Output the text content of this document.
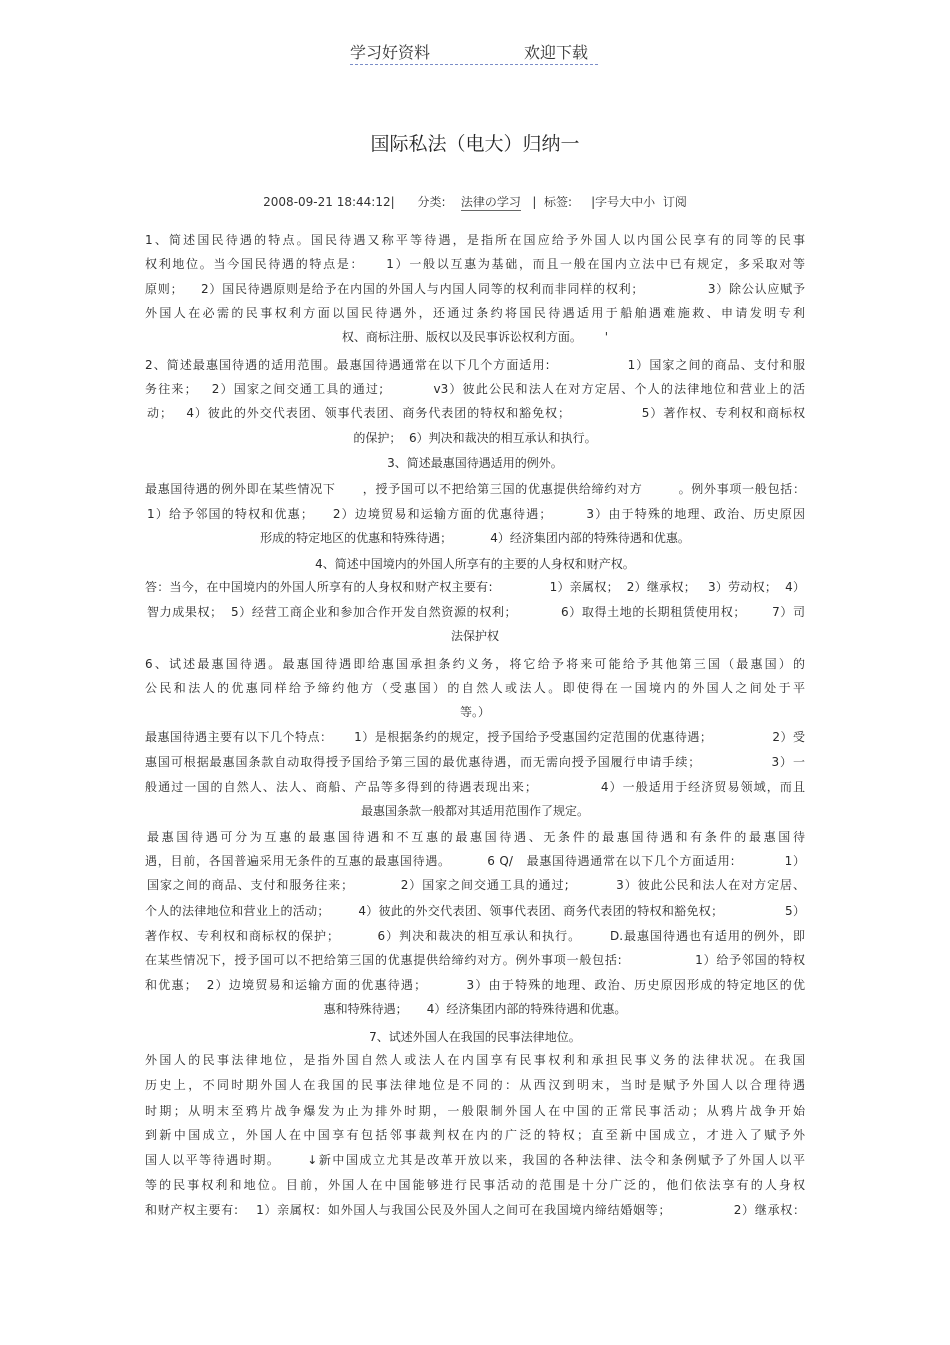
学习好资料	欢迎下载
国际私法（电大）归纳一
2008-09-21 18:44:12| 分类: 法律の学习 | 标签: |字号大中小 订阅
1、简述国民待遇的特点。国民待遇又称平等待遇，是指所在国应给予外国人以内国公民享有的同等的民事
权利地位。当今国民待遇的特点是：    1）一般以互惠为基础，而且一般在国内立法中已有规定，多采取对等
原则；    2）国民待遇原则是给予在内国的外国人与内国人同等的权利而非同样的权利；              3）除公认应赋予
外国人在必需的民事权利方面以国民待遇外，还通过条约将国民待遇适用于船舶遇难施救、申请发明专利
权、商标注册、版权以及民事诉讼权利方面。      '
2、简述最惠国待遇的适用范围。最惠国待遇通常在以下几个方面适用:                1）国家之间的商品、支付和服
务往来；   2）国家之间交通工具的通过;          v3）彼此公民和法人在对方定居、个人的法律地位和营业上的活
动；   4）彼此的外交代表团、领事代表团、商务代表团的特权和豁免权；               5）著作权、专利权和商标权
的保护；  6）判决和裁决的相互承认和执行。
3、简述最惠国待遇适用的例外。
最惠国待遇的例外即在某些情况下      ，授予国可以不把给第三国的优惠提供给缔约对方        。例外事项一般包括：
1）给予邻国的特权和优惠；    2）边境贸易和运输方面的优惠待遇；       3）由于特殊的地理、政治、历史原因
形成的特定地区的优惠和特殊待遇；          4）经济集团内部的特殊待遇和优惠。
4、简述中国境内的外国人所享有的主要的人身权和财产权。
答：当今，在中国境内的外国人所享有的人身权和财产权主要有:              1）亲属权；  2）继承权；   3）劳动权；  4）
智力成果权；  5）经营工商企业和参加合作开发自然资源的权利；          6）取得土地的长期租赁使用权；      7）司
法保护权
6、试述最惠国待遇。最惠国待遇即给惠国承担条约义务，将它给予将来可能给予其他第三国（最惠国）的
公民和法人的优惠同样给予缔约他方（受惠国）的自然人或法人。即使得在一国境内的外国人之间处于平
等。）
最惠国待遇主要有以下几个特点：     1）是根据条约的规定，授予国给予受惠国约定范围的优惠待遇；              2）受
惠国可根据最惠国条款自动取得授予国给予第三国的最优惠待遇，而无需向授予国履行申请手续；               3）一
般通过一国的自然人、法人、商船、产品等多得到的待遇表现出来；             4）一般适用于经济贸易领域，而且
最惠国条款一般都对其适用范围作了规定。
最惠国待遇可分为互惠的最惠国待遇和不互惠的最惠国待遇、无条件的最惠国待遇和有条件的最惠国待
遇，目前，各国普遍采用无条件的互惠的最惠国待遇。        6 Q/   最惠国待遇通常在以下几个方面适用:           1）
国家之间的商品、支付和服务往来；          2）国家之间交通工具的通过;          3）彼此公民和法人在对方定居、
个人的法律地位和营业上的活动；       4）彼此的外交代表团、领事代表团、商务代表团的特权和豁免权；               5）
著作权、专利权和商标权的保护；        6）判决和裁决的相互承认和执行。      D.最惠国待遇也有适用的例外，即
在某些情况下，授予国可以不把给第三国的优惠提供给缔约对方。例外事项一般包括:                1）给予邻国的特权
和优惠；  2）边境贸易和运输方面的优惠待遇；        3）由于特殊的地理、政治、历史原因形成的特定地区的优
惠和特殊待遇；     4）经济集团内部的特殊待遇和优惠。
7、试述外国人在我国的民事法律地位。
外国人的民事法律地位，是指外国自然人或法人在内国享有民事权利和承担民事义务的法律状况。在我国
历史上，不同时期外国人在我国的民事法律地位是不同的：从西汉到明末，当时是赋予外国人以合理待遇
时期；从明末至鸦片战争爆发为止为排外时期，一般限制外国人在中国的正常民事活动；从鸦片战争开始
到新中国成立，外国人在中国享有包括邻事裁判权在内的广泛的特权；直至新中国成立，才进入了赋予外
国人以平等待遇时期。     ↓新中国成立尤其是改革开放以来，我国的各种法律、法令和条例赋予了外国人以平
等的民事权利和地位。目前，外国人在中国能够进行民事活动的范围是十分广泛的，他们依法享有的人身权
和财产权主要有:    1）亲属权：如外国人与我国公民及外国人之间可在我国境内缔结婚姻等；              2）继承权：
